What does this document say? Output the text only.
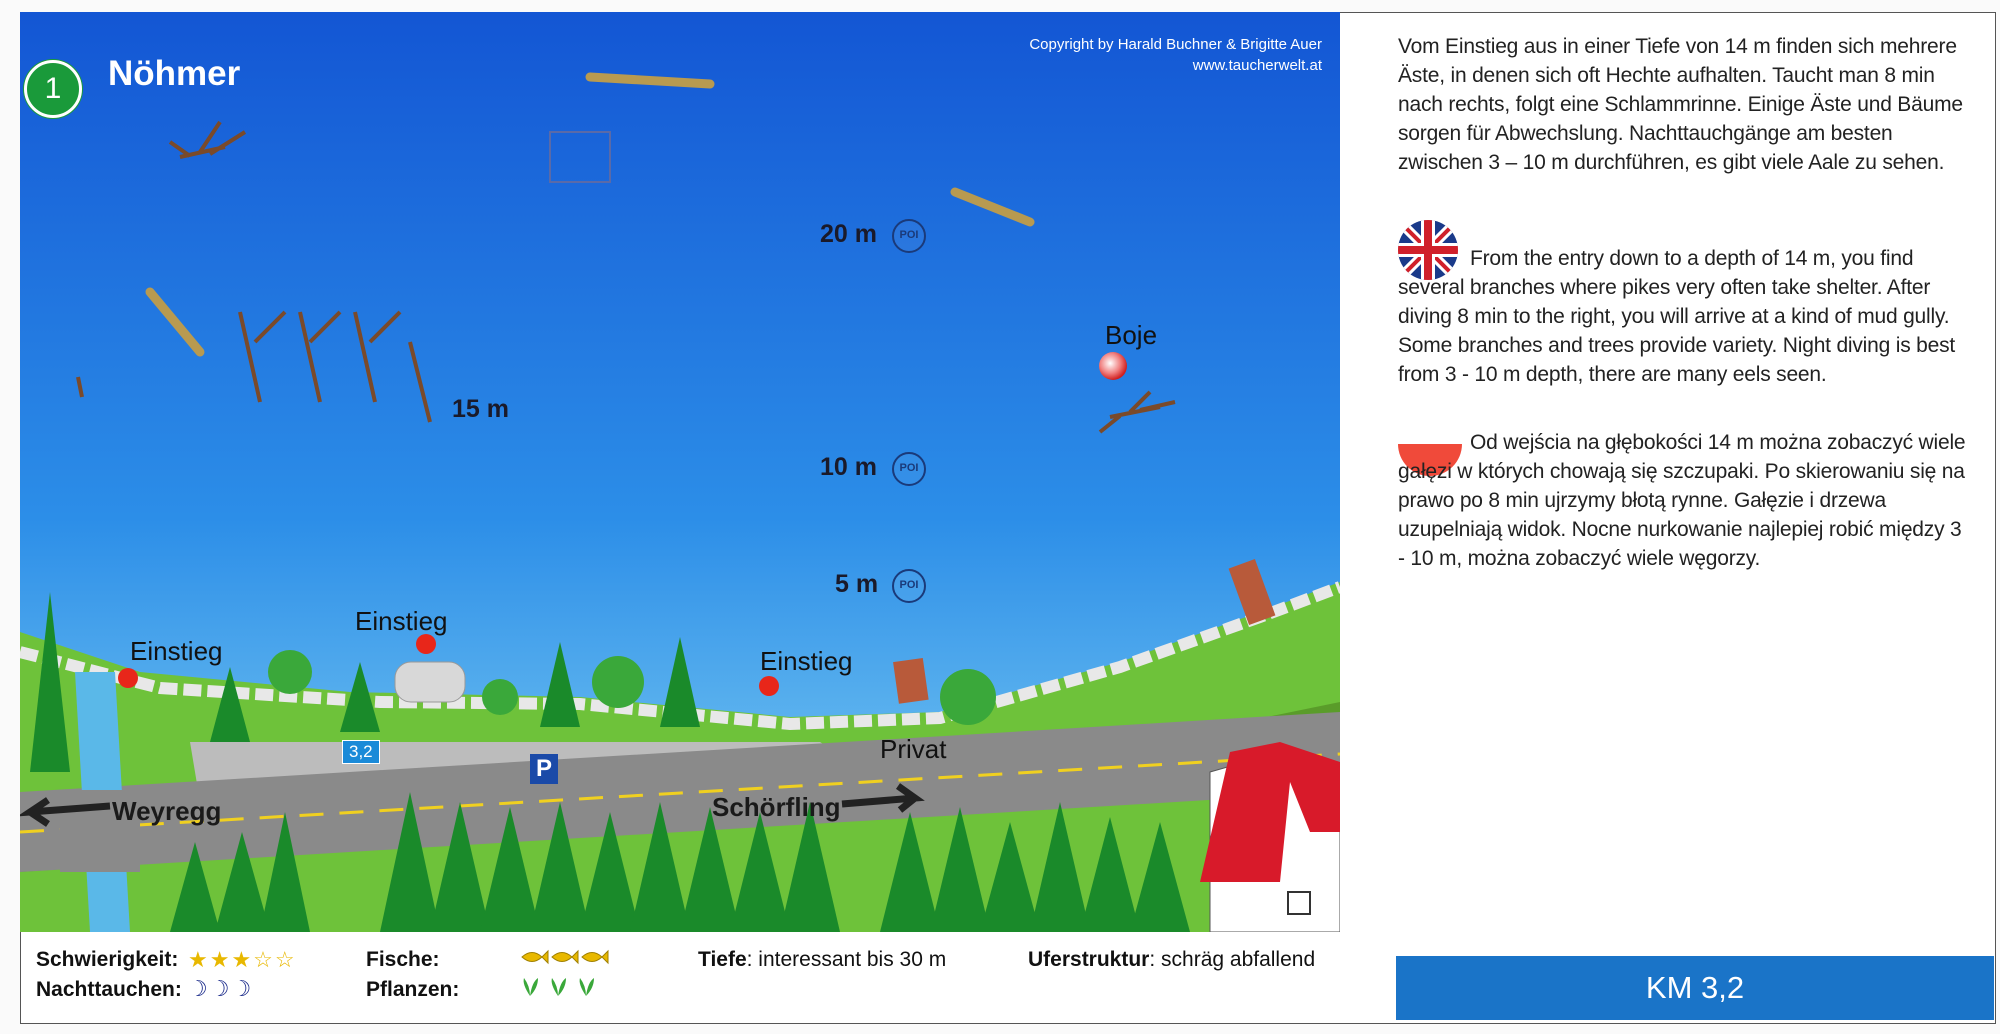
1	Nöhmer
Copyright by Harald Buchner & Brigitte Auer
www.taucherwelt.at
Einstieg
Einstieg
Einstieg
20 m	POI
15 m
10 m	POI
5 m	POI
Boje
Privat
Weyregg	Schörfling
3,2
P
Vom Einstieg aus in einer Tiefe von 14 m finden sich mehrere Äste, in denen sich oft Hechte aufhalten. Taucht man 8 min nach rechts, folgt eine Schlammrinne. Einige Äste und Bäume sorgen für Abwechslung. Nachttauchgänge am besten zwischen 3 – 10 m durchführen, es gibt viele Aale zu sehen.
From the entry down to a depth of 14 m, you find several branches where pikes very often take shelter. After diving 8 min to the right, you will arrive at a kind of mud gully. Some branches and trees provide variety. Night diving is best from 3 - 10 m depth, there are many eels seen.
Od wejścia na głębokości 14 m można zobaczyć wiele gałęzi w których chowają się szczupaki. Po skierowaniu się na prawo po 8 min ujrzymy błotą rynne. Gałęzie i drzewa uzupelniają widok. Nocne nurkowanie najlepiej robić między 3 - 10 m, można zobaczyć wiele węgorzy.
KM 3,2
Schwierigkeit: ★★★☆☆
Nachttauchen: ☽☽☽
Fische:
Pflanzen:
Tiefe: interessant bis 30 m	Uferstruktur: schräg abfallend
